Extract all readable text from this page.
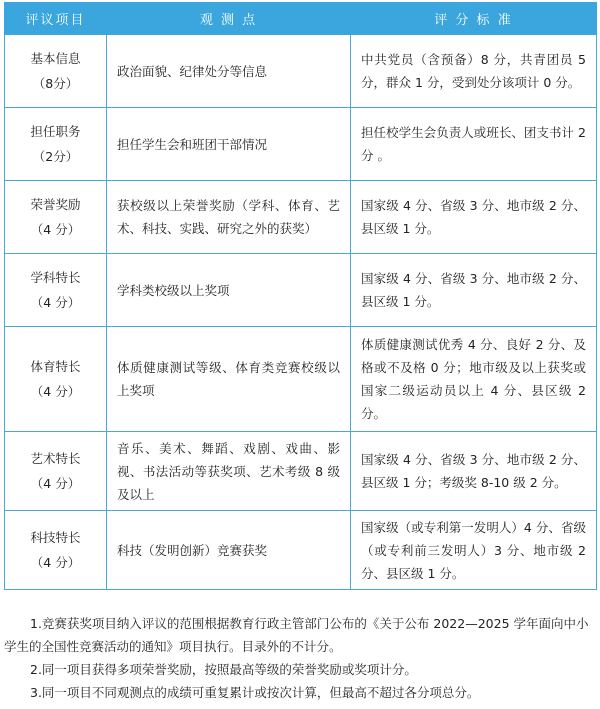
评议项目	观 测 点	评 分 标 准

基本信息
（8分）	政治面貌、纪律处分等信息	中共党员（含预备）8 分，共青团员 5 分，群众 1 分，受到处分该项计 0 分。

担任职务
（2分）	担任学生会和班团干部情况	担任校学生会负责人或班长、团支书计 2 分 。

荣誉奖励
（4 分）	获校级以上荣誉奖励（学科、体育、艺术、科技、实践、研究之外的获奖）	国家级 4 分、省级 3 分、地市级 2 分、县区级 1 分。

学科特长
（4 分）	学科类校级以上奖项	国家级 4 分、省级 3 分、地市级 2 分、县区级 1 分。

体育特长
（4 分）	体质健康测试等级、体育类竞赛校级以上奖项	体质健康测试优秀 4 分、良好 2 分、及格或不及格 0 分；地市级及以上获奖或国家二级运动员以上 4 分、县区级 2 分。

艺术特长
（4 分）	音乐、美术、舞蹈、戏剧、戏曲、影视、书法活动等获奖项、艺术考级 8 级及以上	国家级 4 分、省级 3 分、地市级 2 分、县区级 1 分；考级奖 8-10 级 2 分。

科技特长
（4 分）	科技（发明创新）竞赛获奖	国家级（或专利第一发明人）4 分、省级（或专利前三发明人）3 分、地市级 2 分、县区级 1 分。

1.竞赛获奖项目纳入评议的范围根据教育行政主管部门公布的《关于公布 2022—2025 学年面向中小学生的全国性竞赛活动的通知》项目执行。目录外的不计分。

2.同一项目获得多项荣誉奖励，按照最高等级的荣誉奖励或奖项计分。

3.同一项目不同观测点的成绩可重复累计或按次计算，但最高不超过各分项总分。
